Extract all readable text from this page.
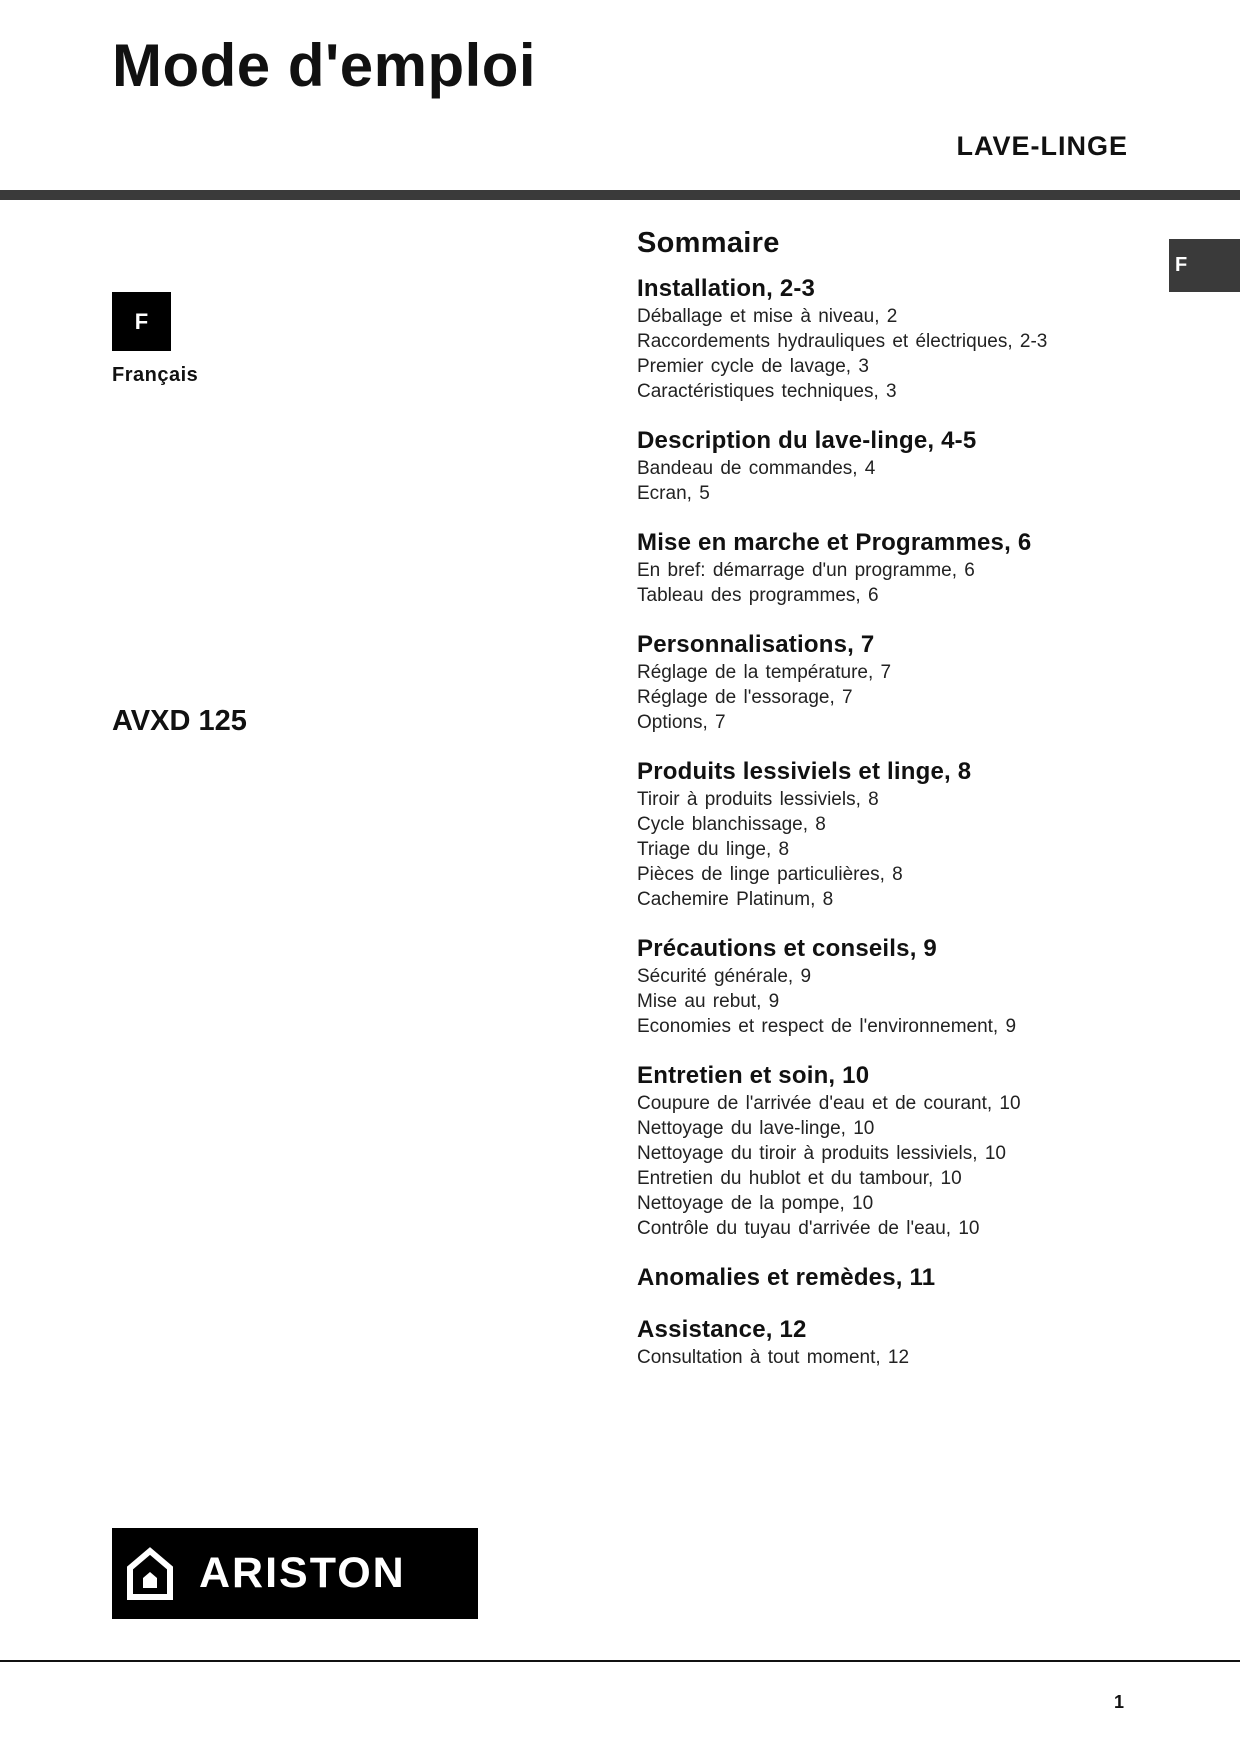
Mode d'emploi
LAVE-LINGE
F
Français
F
AVXD 125
Sommaire
Installation, 2-3
Déballage et mise à niveau, 2
Raccordements hydrauliques et électriques, 2-3
Premier cycle de lavage, 3
Caractéristiques techniques, 3
Description du lave-linge, 4-5
Bandeau de commandes, 4
Ecran, 5
Mise en marche et Programmes, 6
En bref: démarrage d'un programme, 6
Tableau des programmes, 6
Personnalisations, 7
Réglage de la température, 7
Réglage de l'essorage, 7
Options, 7
Produits lessiviels et linge, 8
Tiroir à produits lessiviels, 8
Cycle blanchissage, 8
Triage du linge, 8
Pièces de linge particulières, 8
Cachemire Platinum, 8
Précautions et conseils, 9
Sécurité générale, 9
Mise au rebut, 9
Economies et respect de l'environnement, 9
Entretien et soin, 10
Coupure de l'arrivée d'eau et de courant, 10
Nettoyage du lave-linge, 10
Nettoyage du tiroir à produits lessiviels, 10
Entretien du hublot et du tambour, 10
Nettoyage de la pompe, 10
Contrôle du tuyau d'arrivée de l'eau, 10
Anomalies et remèdes, 11
Assistance, 12
Consultation à tout moment, 12
ARISTON
1
